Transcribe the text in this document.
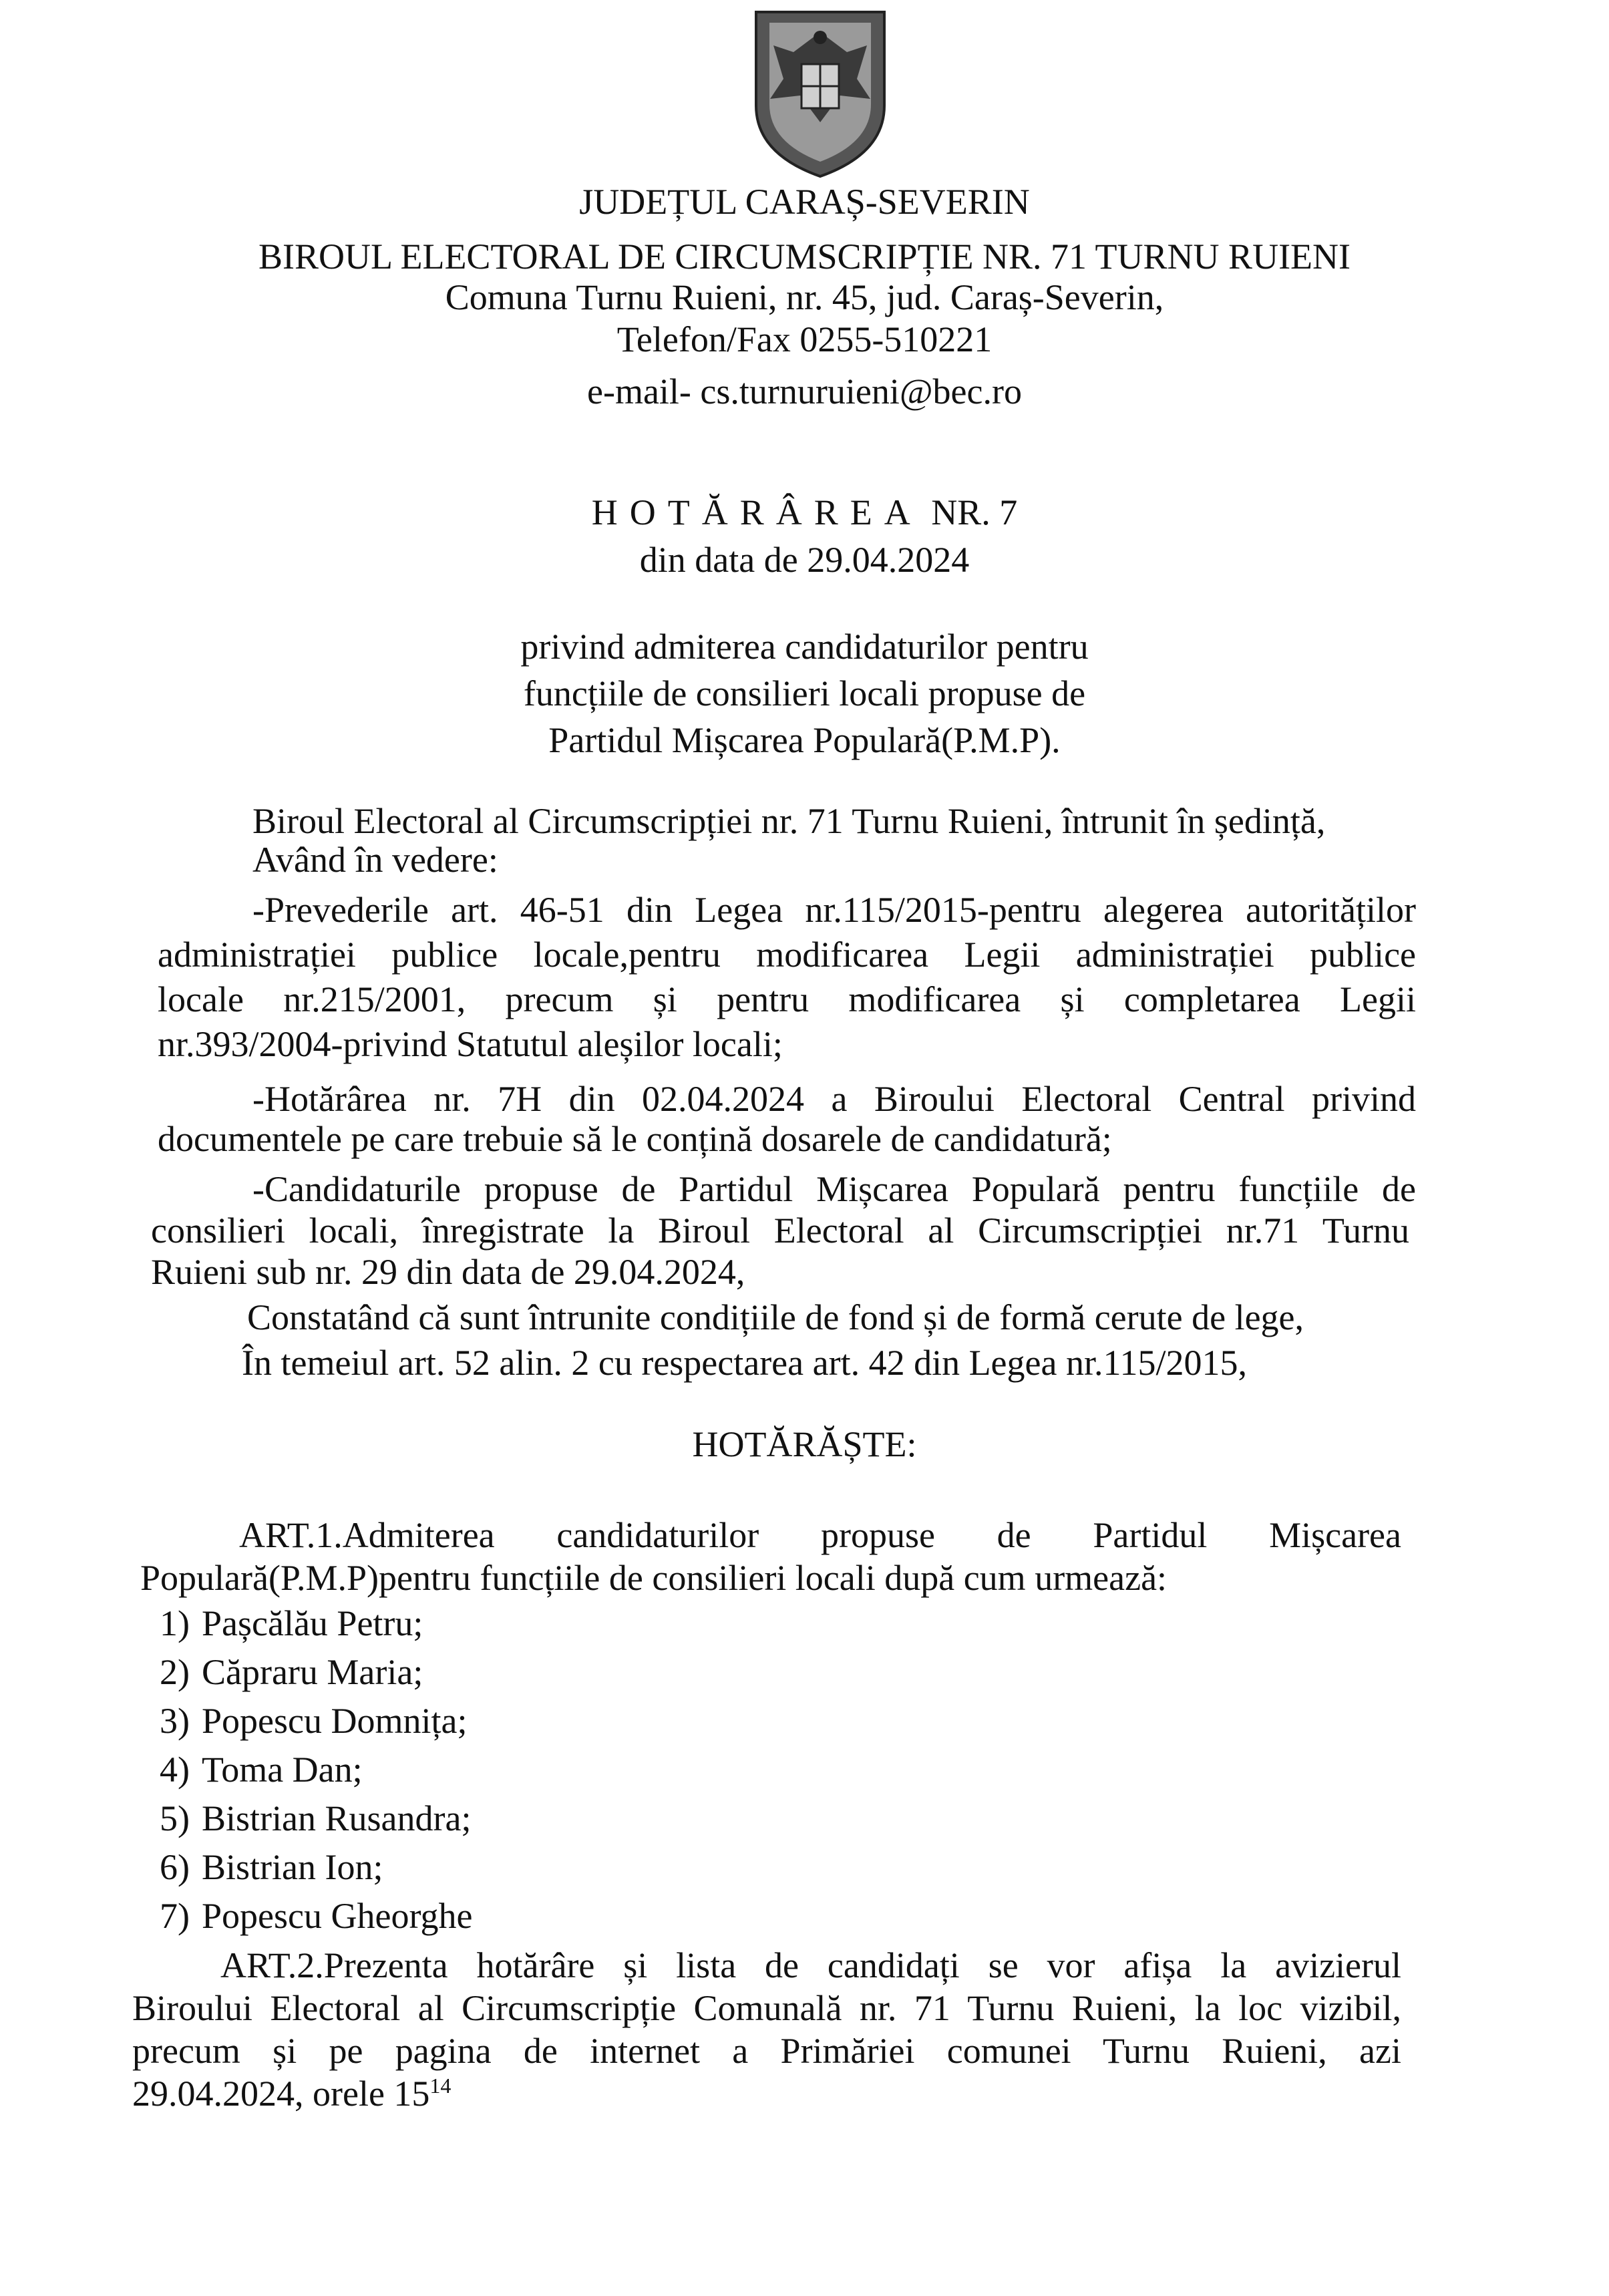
JUDEȚUL CARAȘ-SEVERIN
BIROUL ELECTORAL DE CIRCUMSCRIPȚIE NR. 71 TURNU RUIENI
Comuna Turnu Ruieni, nr. 45, jud. Caraș-Severin,
Telefon/Fax 0255-510221
e-mail- cs.turnuruieni@bec.ro
HOTĂRÂREA NR. 7
din data de 29.04.2024
privind admiterea candidaturilor pentru
funcțiile de consilieri locali propuse de
Partidul Mișcarea Populară(P.M.P).
Biroul Electoral al Circumscripției nr. 71 Turnu Ruieni, întrunit în ședință,
Având în vedere:
-Prevederile art. 46-51 din Legea nr.115/2015-pentru alegerea autorităților
administrației publice locale,pentru modificarea Legii administrației publice
locale nr.215/2001, precum și pentru modificarea și completarea Legii
nr.393/2004-privind Statutul aleșilor locali;
-Hotărârea nr. 7H din 02.04.2024 a Biroului Electoral Central privind
documentele pe care trebuie să le conțină dosarele de candidatură;
-Candidaturile propuse de Partidul Mișcarea Populară pentru funcțiile de
consilieri locali, înregistrate la Biroul Electoral al Circumscripției nr.71 Turnu
Ruieni sub nr. 29 din data de 29.04.2024,
Constatând că sunt întrunite condițiile de fond și de formă cerute de lege,
În temeiul art. 52 alin. 2 cu respectarea art. 42 din Legea nr.115/2015,
HOTĂRĂȘTE:
ART.1.Admiterea candidaturilor propuse de Partidul Mișcarea
Populară(P.M.P)pentru funcțiile de consilieri locali după cum urmează:
1) Pașcălău Petru;
2) Căpraru Maria;
3) Popescu Domnița;
4) Toma Dan;
5) Bistrian Rusandra;
6) Bistrian Ion;
7) Popescu Gheorghe
ART.2.Prezenta hotărâre și lista de candidați se vor afișa la avizierul
Biroului Electoral al Circumscripție Comunală nr. 71 Turnu Ruieni, la loc vizibil,
precum și pe pagina de internet a Primăriei comunei Turnu Ruieni, azi
29.04.2024, orele $15^{14}$
